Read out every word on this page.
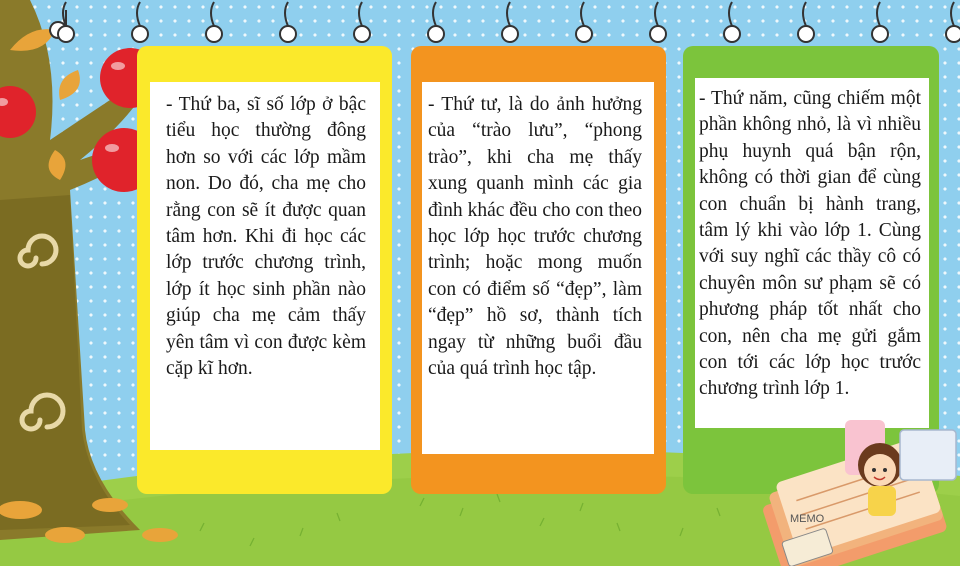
- Thứ ba, sĩ số lớp ở bậc tiểu học thường đông hơn so với các lớp mầm non. Do đó, cha mẹ cho rằng con sẽ ít được quan tâm hơn. Khi đi học các lớp trước chương trình, lớp ít học sinh phần nào giúp cha mẹ cảm thấy yên tâm vì con được kèm cặp kĩ hơn.

- Thứ tư, là do ảnh hưởng của “trào lưu”, “phong trào”, khi cha mẹ thấy xung quanh mình các gia đình khác đều cho con theo học lớp học trước chương trình; hoặc mong muốn con có điểm số “đẹp”, làm “đẹp” hồ sơ, thành tích ngay từ những buổi đầu của quá trình học tập.

- Thứ năm, cũng chiếm một phần không nhỏ, là vì nhiều phụ huynh quá bận rộn, không có thời gian để cùng con chuẩn bị hành trang, tâm lý khi vào lớp 1. Cùng với suy nghĩ các thầy cô có chuyên môn sư phạm sẽ có phương pháp tốt nhất cho con, nên cha mẹ gửi gắm con tới các lớp học trước chương trình lớp 1.

MEMO
